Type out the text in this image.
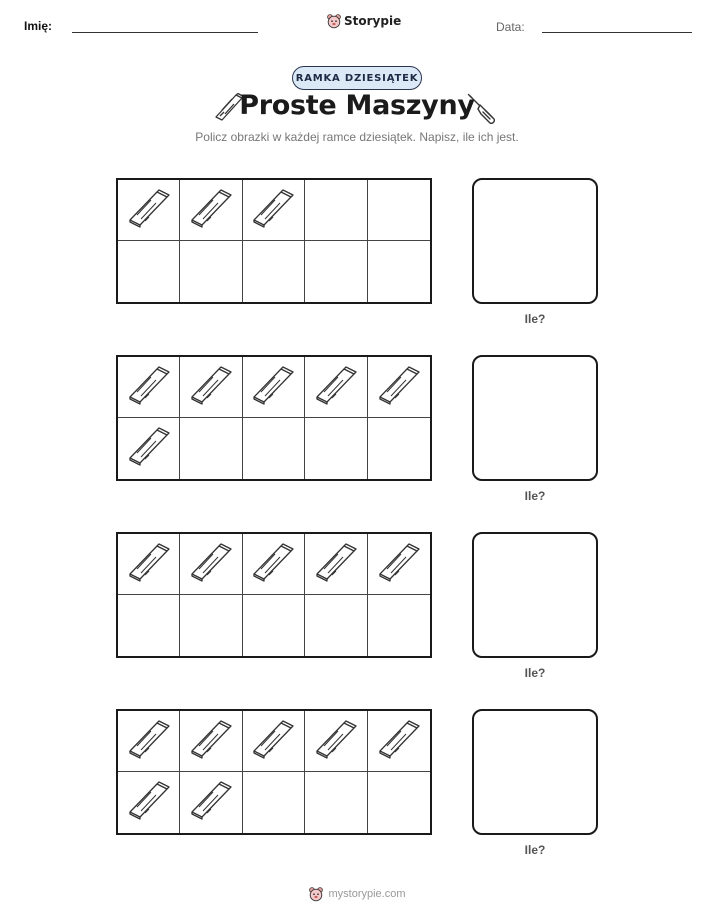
Imię:	Storypie	Data:
RAMKA DZIESIĄTEK
Proste Maszyny
Policz obrazki w każdej ramce dziesiątek. Napisz, ile ich jest.
Ile?
Ile?
Ile?
Ile?
mystorypie.com
